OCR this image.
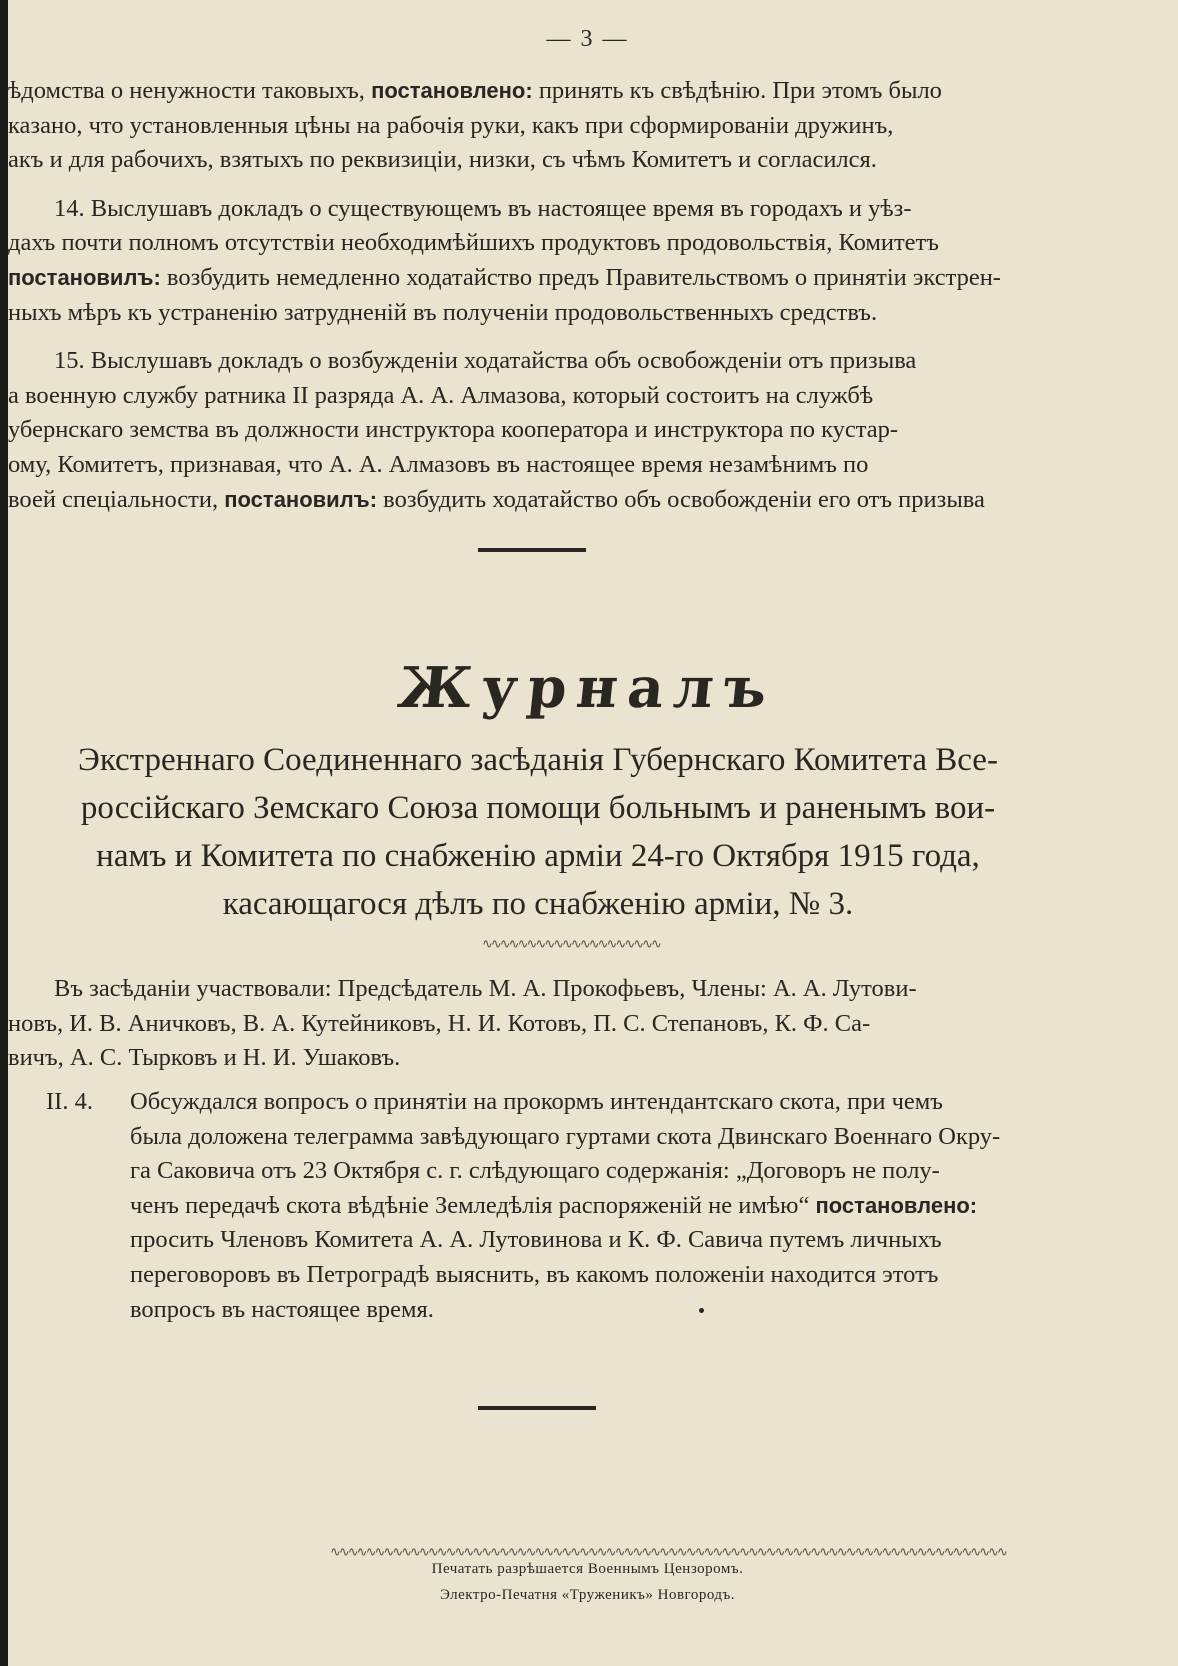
— 3 —
ѣдомства о ненужности таковыхъ, постановлено: принять къ свѣдѣнію. При этомъ было
казано, что установленныя цѣны на рабочія руки, какъ при сформированіи дружинъ,
акъ и для рабочихъ, взятыхъ по реквизиціи, низки, съ чѣмъ Комитетъ и согласился.
14. Выслушавъ докладъ о существующемъ въ настоящее время въ городахъ и уѣз-
дахъ почти полномъ отсутствіи необходимѣйшихъ продуктовъ продовольствія, Комитетъ
постановилъ: возбудить немедленно ходатайство предъ Правительствомъ о принятіи экстрен-
ныхъ мѣръ къ устраненію затрудненій въ полученіи продовольственныхъ средствъ.
15. Выслушавъ докладъ о возбужденіи ходатайства объ освобожденіи отъ призыва
а военную службу ратника II разряда А. А. Алмазова, который состоитъ на службѣ
убернскаго земства въ должности инструктора кооператора и инструктора по кустар-
ому, Комитетъ, признавая, что А. А. Алмазовъ въ настоящее время незамѣнимъ по
воей спеціальности, постановилъ: возбудить ходатайство объ освобожденіи его отъ призыва
Журналъ
Экстреннаго Соединеннаго засѣданія Губернскаго Комитета Все-
россійскаго Земскаго Союза помощи больнымъ и раненымъ вои-
намъ и Комитета по снабженію арміи 24-го Октября 1915 года,
касающагося дѣлъ по снабженію арміи, № 3.
∿∿∿∿∿∿∿∿∿∿∿∿∿∿∿∿∿∿∿∿
Въ засѣданіи участвовали: Предсѣдатель М. А. Прокофьевъ, Члены: А. А. Лутови-
новъ, И. В. Аничковъ, В. А. Кутейниковъ, Н. И. Котовъ, П. С. Степановъ, К. Ф. Са-
вичъ, А. С. Тырковъ и Н. И. Ушаковъ.
II. 4. Обсуждался вопросъ о принятіи на прокормъ интендантскаго скота, при чемъ
была доложена телеграмма завѣдующаго гуртами скота Двинскаго Военнаго Окру-
га Саковича отъ 23 Октября с. г. слѣдующаго содержанія: „Договоръ не полу-
ченъ передачѣ скота вѣдѣніе Земледѣлія распоряженій не имѣю“ постановлено:
просить Членовъ Комитета А. А. Лутовинова и К. Ф. Савича путемъ личныхъ
переговоровъ въ Петроградѣ выяснить, въ какомъ положеніи находится этотъ
вопросъ въ настоящее время.
∿∿∿∿∿∿∿∿∿∿∿∿∿∿∿∿∿∿∿∿∿∿∿∿∿∿∿∿∿∿∿∿∿∿∿∿∿∿∿∿∿∿∿∿∿∿∿∿∿∿∿∿∿∿∿∿∿∿∿∿∿∿∿∿∿∿∿∿∿∿∿∿∿∿∿∿
Печатать разрѣшается Военнымъ Цензоромъ.
Электро-Печатня «Труженикъ» Новгородъ.
